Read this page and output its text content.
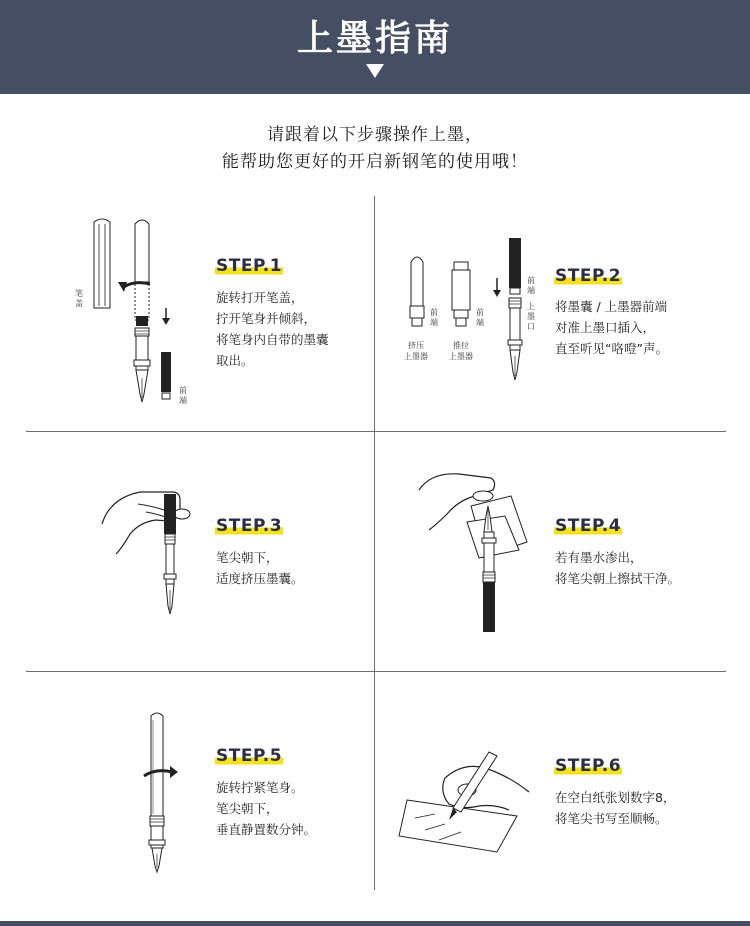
上墨指南
请跟着以下步骤操作上墨，
能帮助您更好的开启新钢笔的使用哦！
笔盖
前端
STEP.1
旋转打开笔盖，
拧开笔身并倾斜，
将笔身内自带的墨囊
取出。
前端
前端
挤压
上墨器
推拉
上墨器
前端
上墨口
STEP.2
将墨囊 / 上墨器前端
对准上墨口插入，
直至听见“咯噔”声。
STEP.3
笔尖朝下，
适度挤压墨囊。
STEP.4
若有墨水渗出，
将笔尖朝上擦拭干净。
STEP.5
旋转拧紧笔身。
笔尖朝下，
垂直静置数分钟。
STEP.6
在空白纸张划数字8，
将笔尖书写至顺畅。
